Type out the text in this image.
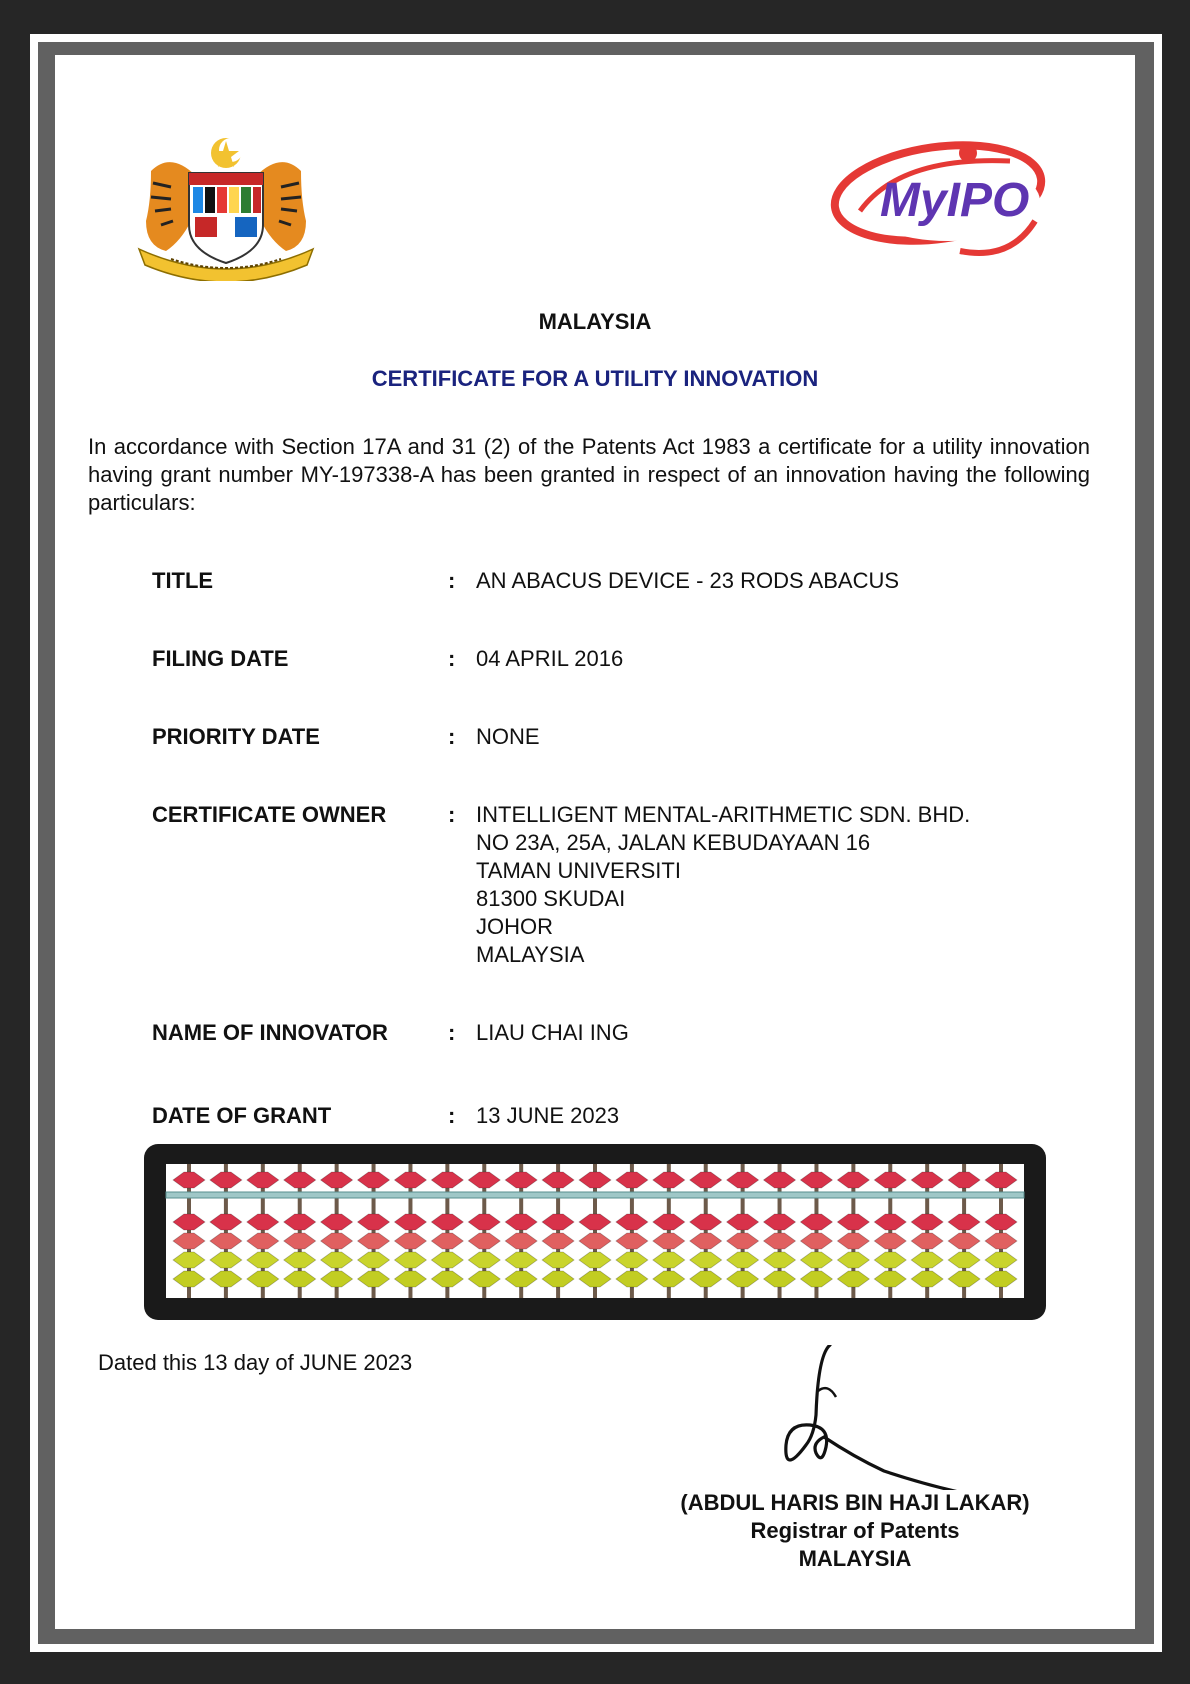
MyIPO
MALAYSIA
CERTIFICATE FOR A UTILITY INNOVATION
In accordance with Section 17A and 31 (2) of the Patents Act 1983 a certificate for a utility innovation having grant number MY-197338-A has been granted in respect of an innovation having the following particulars:
TITLE	: AN ABACUS DEVICE - 23 RODS ABACUS
FILING DATE	: 04 APRIL 2016
PRIORITY DATE	: NONE
CERTIFICATE OWNER	: INTELLIGENT MENTAL-ARITHMETIC SDN. BHD.
NO 23A, 25A, JALAN KEBUDAYAAN 16
TAMAN UNIVERSITI
81300 SKUDAI
JOHOR
MALAYSIA
NAME OF INNOVATOR	: LIAU CHAI ING
DATE OF GRANT	: 13 JUNE 2023
Dated this 13 day of JUNE 2023
(ABDUL HARIS BIN HAJI LAKAR)
Registrar of Patents
MALAYSIA
